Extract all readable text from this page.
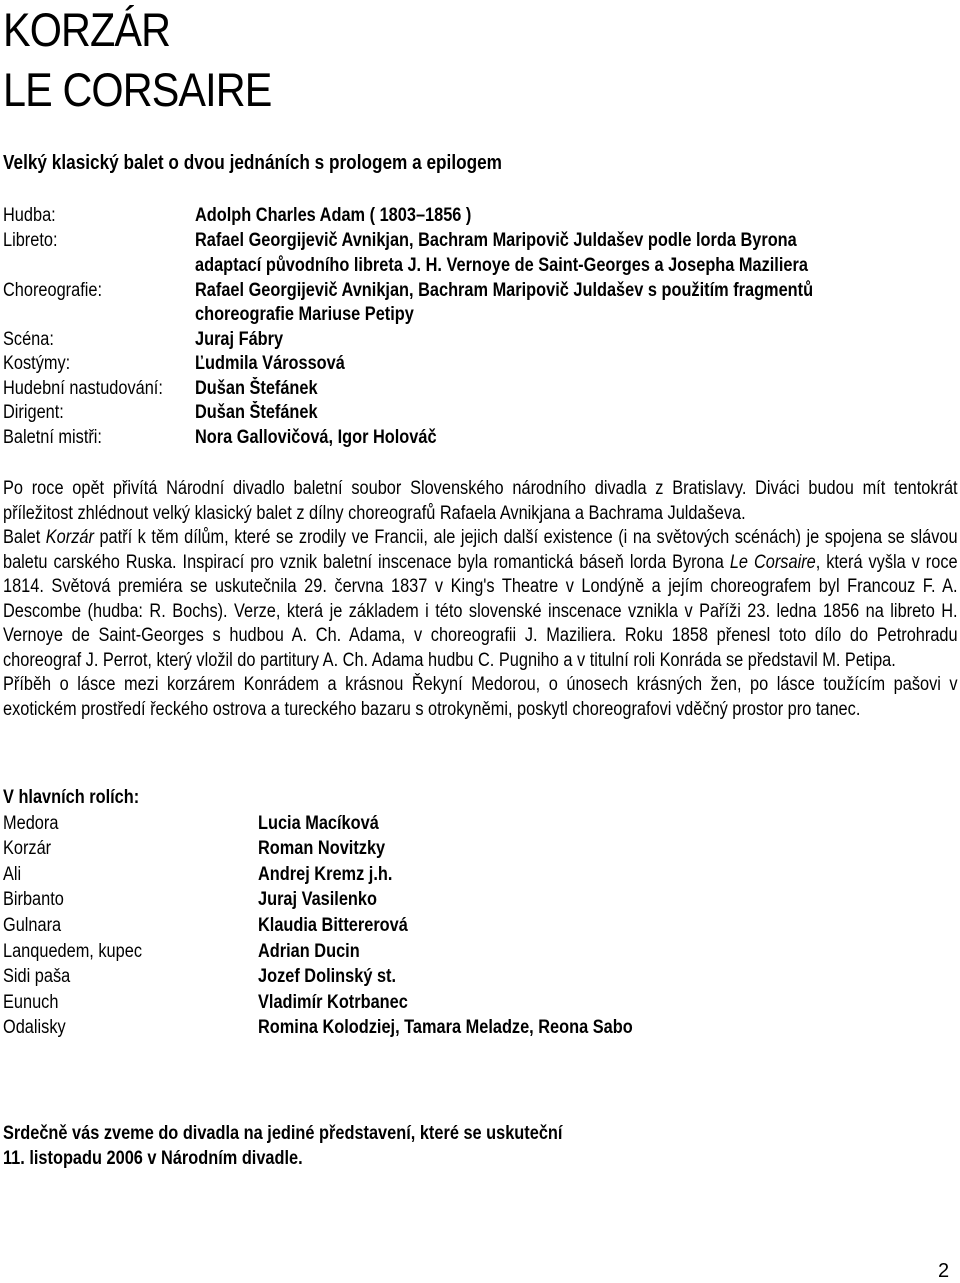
KORZÁR
LE CORSAIRE
Velký klasický balet o dvou jednáních s prologem a epilogem
Hudba:	Adolph Charles Adam ( 1803–1856 )
Libreto:	Rafael Georgijevič Avnikjan, Bachram Maripovič Juldašev podle lorda Byrona
adaptací původního libreta J. H. Vernoye de Saint-Georges a Josepha Maziliera
Choreografie:	Rafael Georgijevič Avnikjan, Bachram Maripovič Juldašev s použitím fragmentů
choreografie Mariuse Petipy
Scéna:	Juraj Fábry
Kostýmy:	Ľudmila Várossová
Hudební nastudování: Dušan Štefánek
Dirigent:	Dušan Štefánek
Baletní mistři:	Nora Gallovičová, Igor Holováč

Po roce opět přivítá Národní divadlo baletní soubor Slovenského národního divadla z Bratislavy. Diváci budou mít tentokrát příležitost zhlédnout velký klasický balet z dílny choreografů Rafaela Avnikjana a Bachrama Juldaševa.

Balet Korzár patří k těm dílům, které se zrodily ve Francii, ale jejich další existence (i na světových scénách) je spojena se slávou baletu carského Ruska. Inspirací pro vznik baletní inscenace byla romantická báseň lorda Byrona Le Corsaire, která vyšla v roce 1814. Světová premiéra se uskutečnila 29. června 1837 v King's Theatre v Londýně a jejím choreografem byl Francouz F. A. Descombe (hudba: R. Bochs). Verze, která je základem i této slovenské inscenace vznikla v Paříži 23. ledna 1856 na libreto H. Vernoye de Saint-Georges s hudbou A. Ch. Adama, v choreografii J. Maziliera. Roku 1858 přenesl toto dílo do Petrohradu choreograf J. Perrot, který vložil do partitury A. Ch. Adama hudbu C. Pugniho a v titulní roli Konráda se představil M. Petipa.

Příběh o lásce mezi korzárem Konrádem a krásnou Řekyní Medorou, o únosech krásných žen, po lásce toužícím pašovi v exotickém prostředí řeckého ostrova a tureckého bazaru s otrokyněmi, poskytl choreografovi vděčný prostor pro tanec.

V hlavních rolích:
Medora	Lucia Macíková
Korzár	Roman Novitzky
Ali	Andrej Kremz j.h.
Birbanto	Juraj Vasilenko
Gulnara	Klaudia Bittererová
Lanquedem, kupec	Adrian Ducin
Sidi paša	Jozef Dolinský st.
Eunuch	Vladimír Kotrbanec
Odalisky	Romina Kolodziej, Tamara Meladze, Reona Sabo
Srdečně vás zveme do divadla na jediné představení, které se uskuteční
11. listopadu 2006 v Národním divadle.
2
